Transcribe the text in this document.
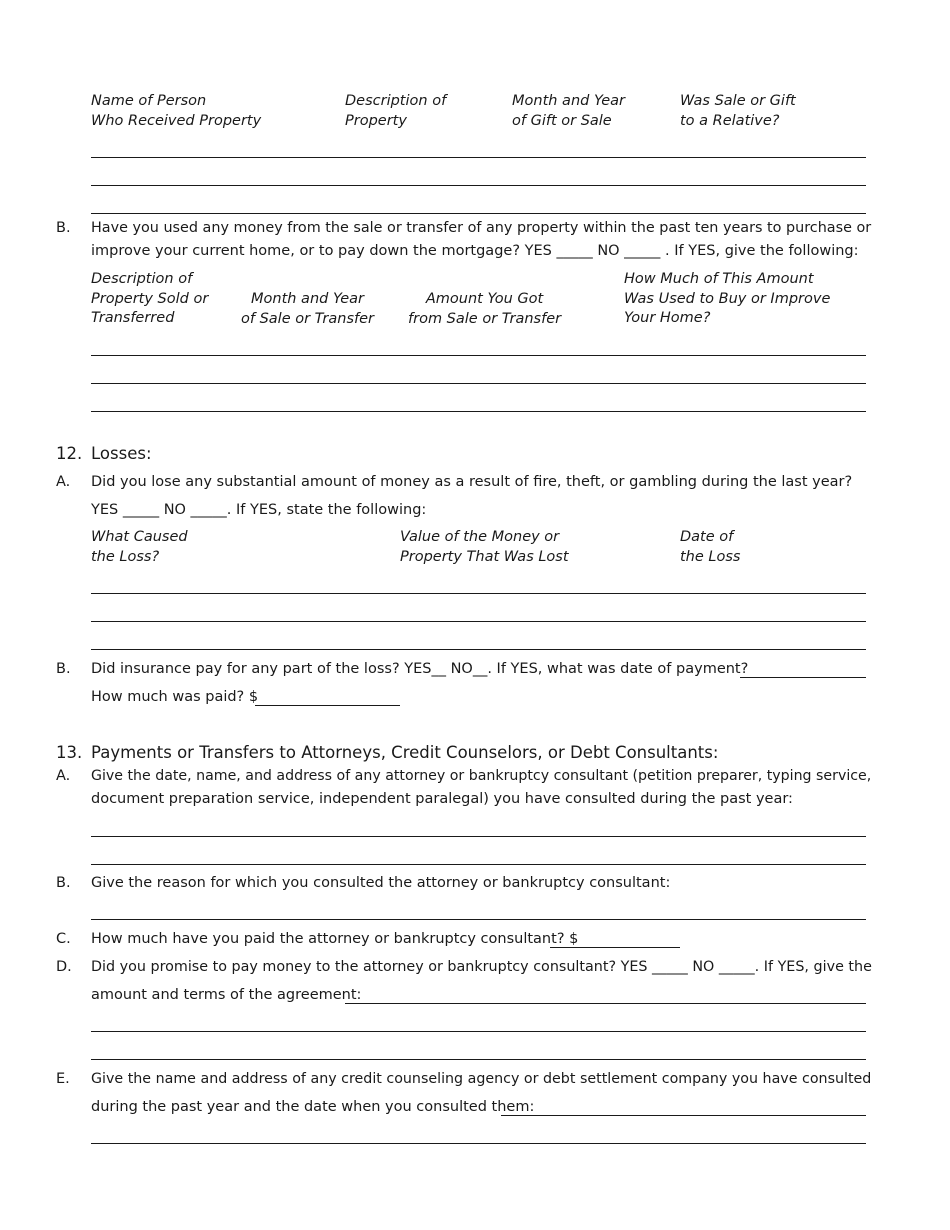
Name of Person
Who Received Property
Description of
Property
Month and Year
of Gift or Sale
Was Sale or Gift
to a Relative?
B. Have you used any money from the sale or transfer of any property within the past ten years to purchase or
improve your current home, or to pay down the mortgage? YES _____ NO _____ . If YES, give the following:
Description of
Property Sold or
Transferred
Month and Year
of Sale or Transfer
Amount You Got
from Sale or Transfer
How Much of This Amount
Was Used to Buy or Improve
Your Home?
12. Losses:
A. Did you lose any substantial amount of money as a result of fire, theft, or gambling during the last year?
YES _____ NO _____. If YES, state the following:
What Caused
the Loss?
Value of the Money or
Property That Was Lost
Date of
the Loss
B. Did insurance pay for any part of the loss? YES__ NO__. If YES, what was date of payment?
How much was paid? $
13. Payments or Transfers to Attorneys, Credit Counselors, or Debt Consultants:
A. Give the date, name, and address of any attorney or bankruptcy consultant (petition preparer, typing service,
document preparation service, independent paralegal) you have consulted during the past year:
B. Give the reason for which you consulted the attorney or bankruptcy consultant:
C. How much have you paid the attorney or bankruptcy consultant? $
D. Did you promise to pay money to the attorney or bankruptcy consultant? YES _____ NO _____. If YES, give the
amount and terms of the agreement:
E. Give the name and address of any credit counseling agency or debt settlement company you have consulted
during the past year and the date when you consulted them:
